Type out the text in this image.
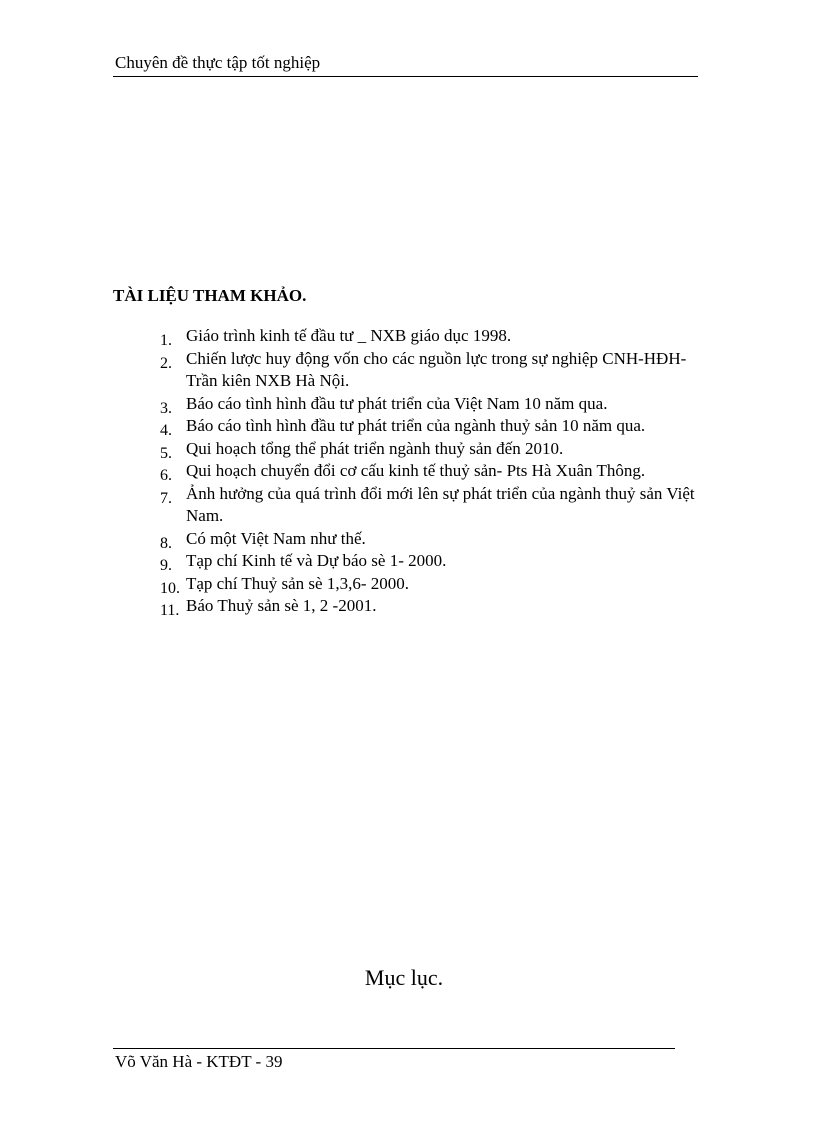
Chuyên đề thực tập tốt nghiệp
TÀI LIỆU THAM KHẢO.
1. Giáo trình kinh tế đầu tư _ NXB giáo dục 1998.
2. Chiến lược huy động vốn cho các nguồn lực trong sự nghiệp CNH-HĐH- Trần kiên NXB Hà Nội.
3. Báo cáo tình hình đầu tư phát triển của Việt Nam 10 năm qua.
4. Báo cáo tình hình đầu tư phát triển của ngành thuỷ sản 10 năm qua.
5. Qui hoạch tổng thể phát triển ngành thuỷ sản đến 2010.
6. Qui hoạch chuyển đổi cơ cấu kinh tế thuỷ sản- Pts Hà Xuân Thông.
7. Ảnh hưởng của quá trình đổi mới lên sự phát triển của ngành thuỷ sản Việt Nam.
8. Có một Việt Nam như thế.
9. Tạp chí Kinh tế và Dự báo sè 1- 2000.
10. Tạp chí Thuỷ sản sè 1,3,6- 2000.
11. Báo Thuỷ sản sè 1, 2 -2001.
Mục lục.
Võ Văn Hà - KTĐT - 39
